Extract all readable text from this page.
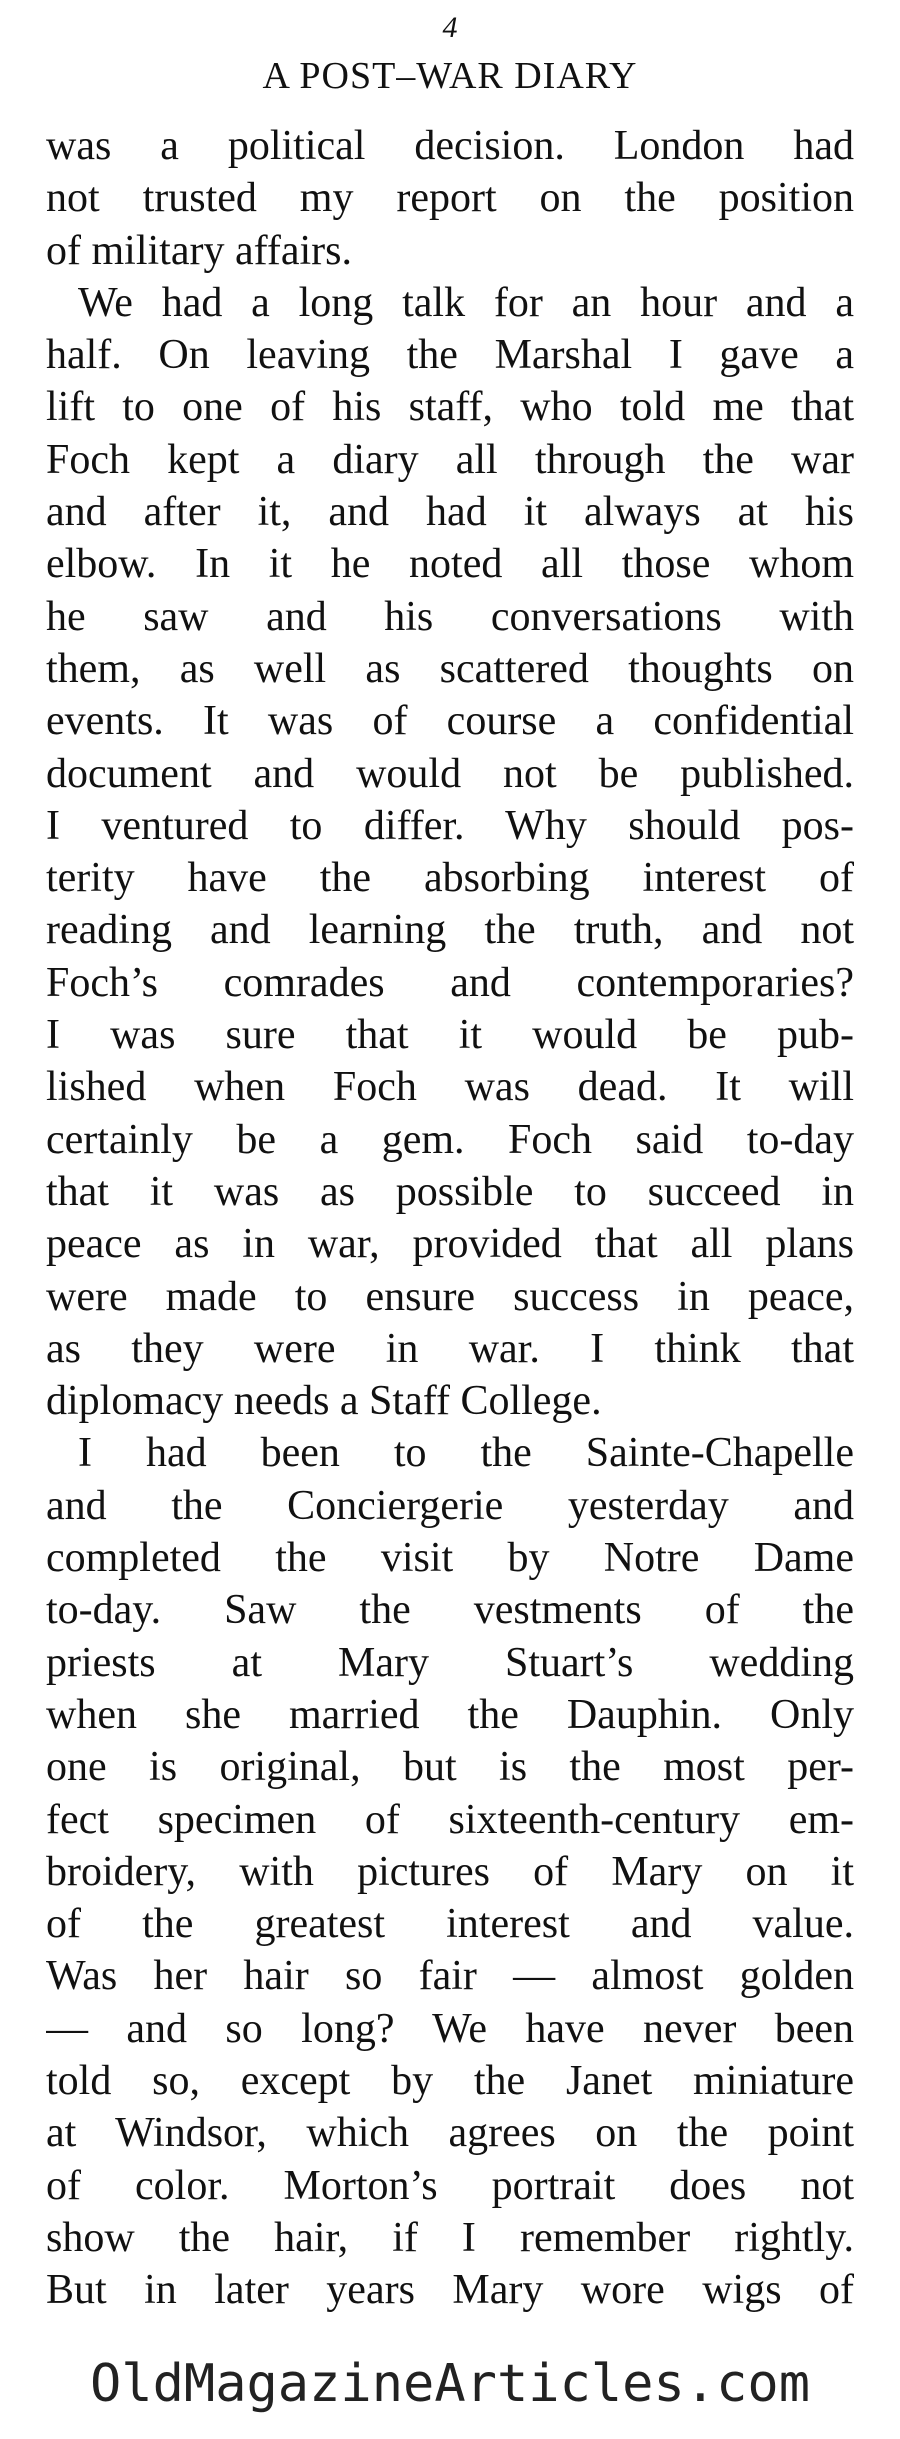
4
A POST–WAR DIARY
was a political decision. London had
not trusted my report on the position
of military affairs.
We had a long talk for an hour and a
half. On leaving the Marshal I gave a
lift to one of his staff, who told me that
Foch kept a diary all through the war
and after it, and had it always at his
elbow. In it he noted all those whom
he saw and his conversations with
them, as well as scattered thoughts on
events. It was of course a confidential
document and would not be published.
I ventured to differ. Why should pos-
terity have the absorbing interest of
reading and learning the truth, and not
Foch’s comrades and contemporaries?
I was sure that it would be pub-
lished when Foch was dead. It will
certainly be a gem. Foch said to-day
that it was as possible to succeed in
peace as in war, provided that all plans
were made to ensure success in peace,
as they were in war. I think that
diplomacy needs a Staff College.
I had been to the Sainte-Chapelle
and the Conciergerie yesterday and
completed the visit by Notre Dame
to-day. Saw the vestments of the
priests at Mary Stuart’s wedding
when she married the Dauphin. Only
one is original, but is the most per-
fect specimen of sixteenth-century em-
broidery, with pictures of Mary on it
of the greatest interest and value.
Was her hair so fair — almost golden
— and so long? We have never been
told so, except by the Janet miniature
at Windsor, which agrees on the point
of color. Morton’s portrait does not
show the hair, if I remember rightly.
But in later years Mary wore wigs of
OldMagazineArticles.com
